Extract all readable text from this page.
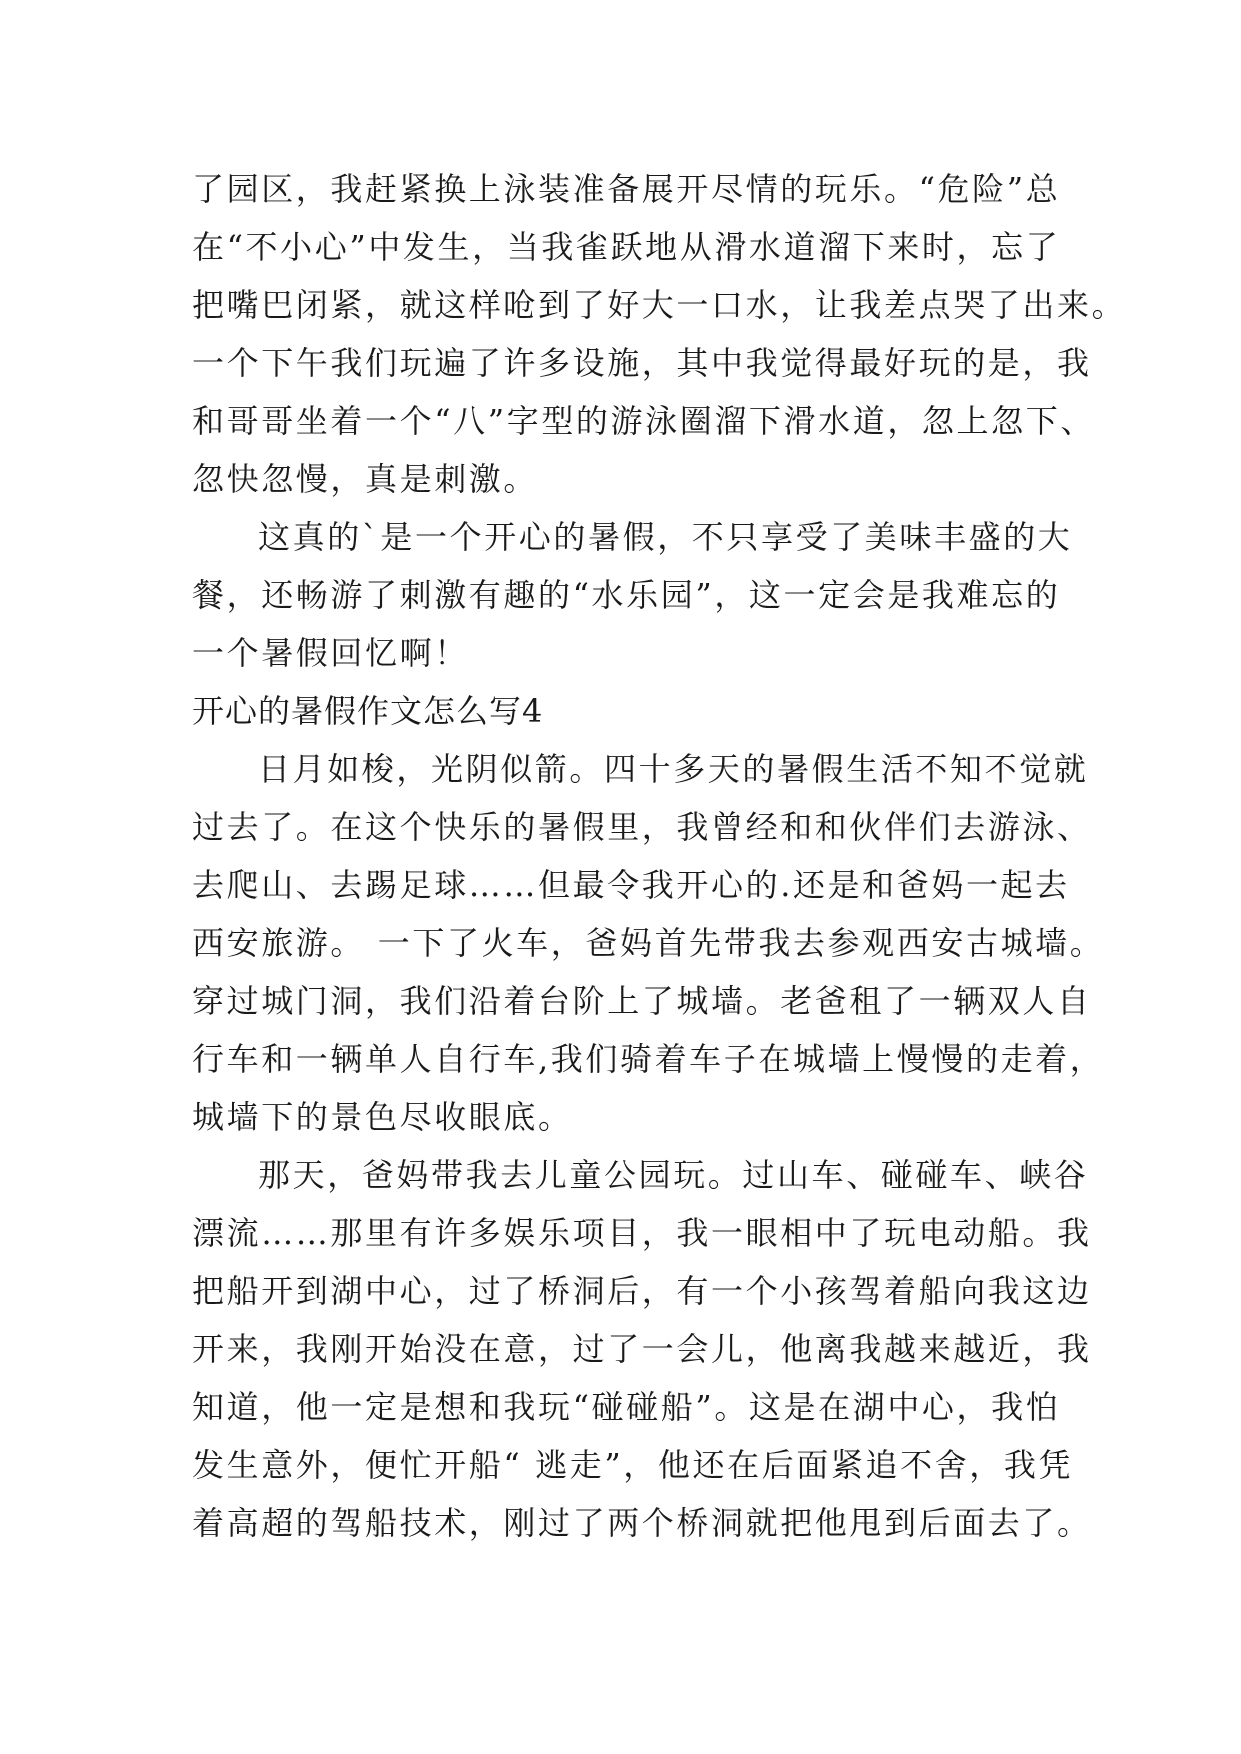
了园区，我赶紧换上泳装准备展开尽情的玩乐。“危险”总
在“不小心”中发生，当我雀跃地从滑水道溜下来时，忘了
把嘴巴闭紧，就这样呛到了好大一口水，让我差点哭了出来。
一个下午我们玩遍了许多设施，其中我觉得最好玩的是，我
和哥哥坐着一个“八”字型的游泳圈溜下滑水道，忽上忽下、
忽快忽慢，真是刺激。
这真的`是一个开心的暑假，不只享受了美味丰盛的大
餐，还畅游了刺激有趣的“水乐园”，这一定会是我难忘的
一个暑假回忆啊！
开心的暑假作文怎么写4
日月如梭，光阴似箭。四十多天的暑假生活不知不觉就
过去了。在这个快乐的暑假里，我曾经和和伙伴们去游泳、
去爬山、去踢足球……但最令我开心的.还是和爸妈一起去
西安旅游。 一下了火车，爸妈首先带我去参观西安古城墙。
穿过城门洞，我们沿着台阶上了城墙。老爸租了一辆双人自
行车和一辆单人自行车,我们骑着车子在城墙上慢慢的走着，
城墙下的景色尽收眼底。
那天，爸妈带我去儿童公园玩。过山车、碰碰车、峡谷
漂流……那里有许多娱乐项目，我一眼相中了玩电动船。我
把船开到湖中心，过了桥洞后，有一个小孩驾着船向我这边
开来，我刚开始没在意，过了一会儿，他离我越来越近，我
知道，他一定是想和我玩“碰碰船”。这是在湖中心，我怕
发生意外，便忙开船“ 逃走”，他还在后面紧追不舍，我凭
着高超的驾船技术，刚过了两个桥洞就把他甩到后面去了。
